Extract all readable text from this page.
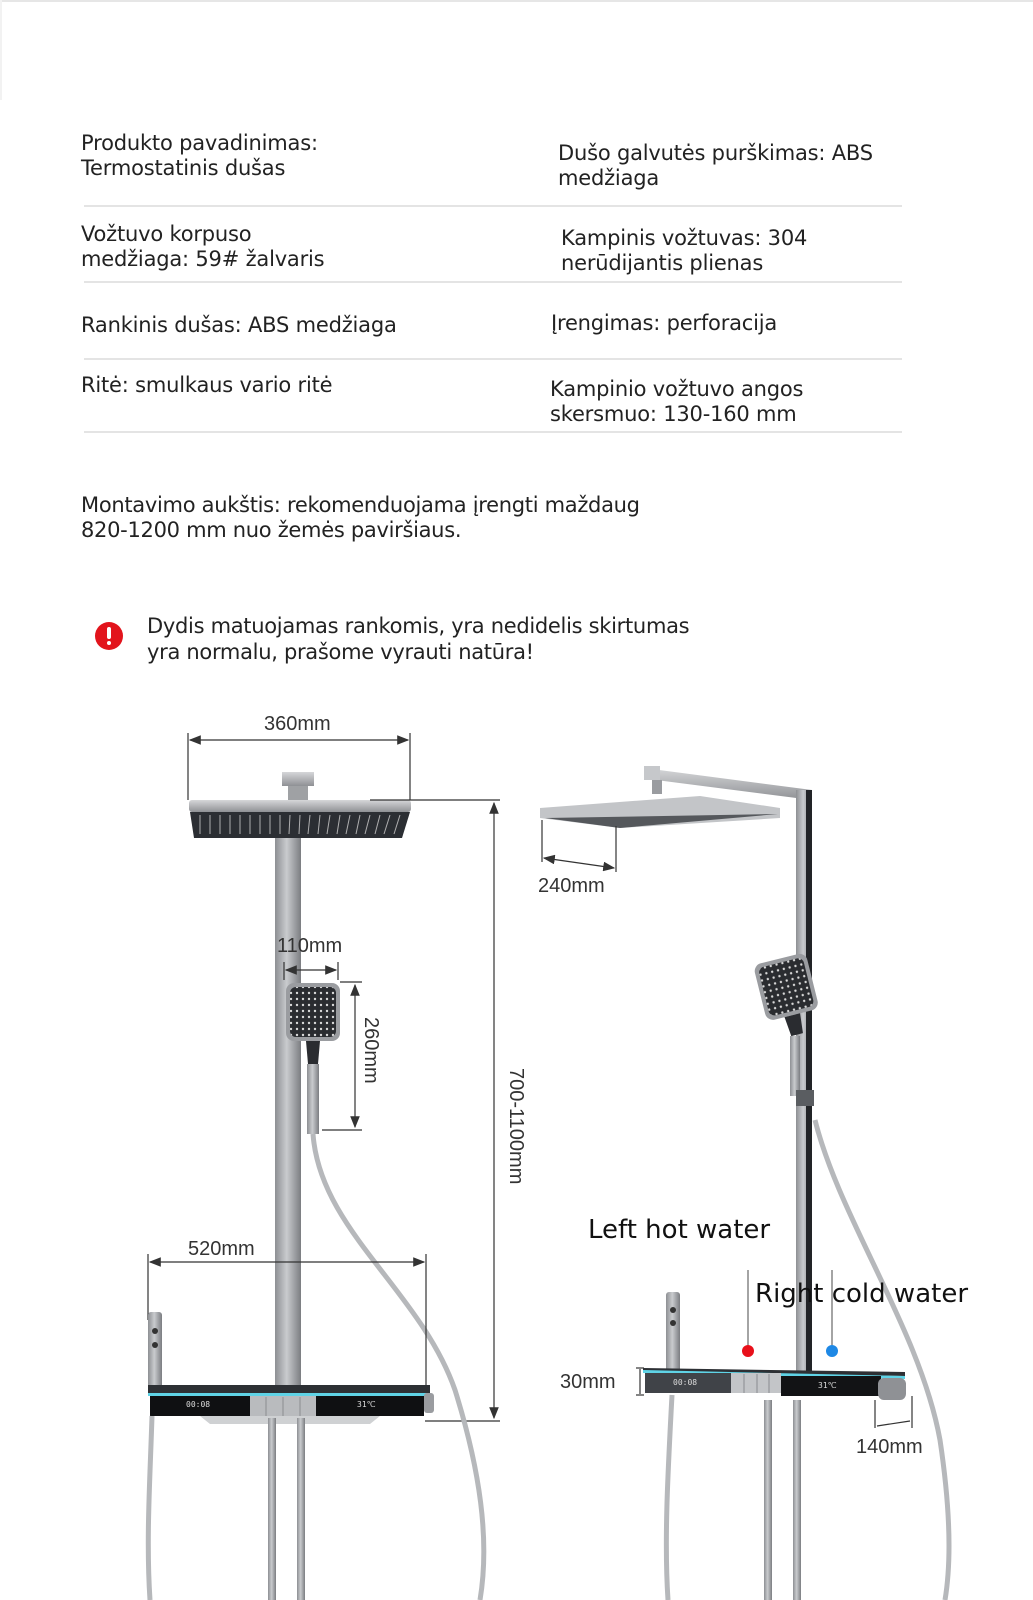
Produkto pavadinimas:
Termostatinis dušas
Vožtuvo korpuso
medžiaga: 59# žalvaris
Rankinis dušas: ABS medžiaga
Ritė: smulkaus vario ritė
Dušo galvutės purškimas: ABS
medžiaga
Kampinis vožtuvas: 304
nerūdijantis plienas
Įrengimas: perforacija
Kampinio vožtuvo angos
skersmuo: 130-160 mm
Montavimo aukštis: rekomenduojama įrengti maždaug
820-1200 mm nuo žemės paviršiaus.
Dydis matuojamas rankomis, yra nedidelis skirtumas
yra normalu, prašome vyrauti natūra!
360mm
110mm
260mm
700-1100mm
520mm
240mm
30mm
140mm
Left hot water
Right cold water
00:08	31℃
00:08	31℃
